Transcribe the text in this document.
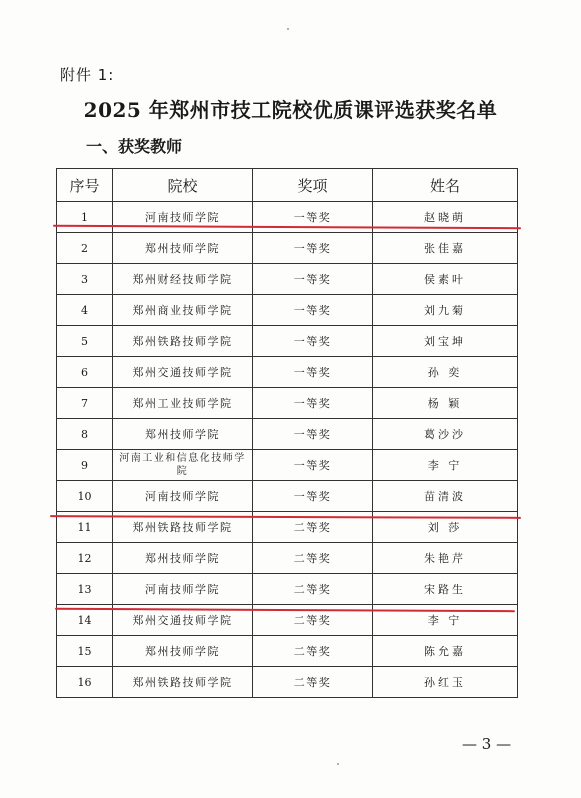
附件 1:
2025 年郑州市技工院校优质课评选获奖名单
一、获奖教师
序号	院校	奖项	姓名
1	河南技师学院	一等奖	赵晓萌
2	郑州技师学院	一等奖	张佳嘉
3	郑州财经技师学院	一等奖	侯素叶
4	郑州商业技师学院	一等奖	刘九菊
5	郑州铁路技师学院	一等奖	刘宝坤
6	郑州交通技师学院	一等奖	孙 奕
7	郑州工业技师学院	一等奖	杨 颖
8	郑州技师学院	一等奖	葛沙沙
9	河南工业和信息化技师学院	一等奖	李 宁
10	河南技师学院	一等奖	苗清波
11	郑州铁路技师学院	二等奖	刘 莎
12	郑州技师学院	二等奖	朱艳芹
13	河南技师学院	二等奖	宋路生
14	郑州交通技师学院	二等奖	李 宁
15	郑州技师学院	二等奖	陈允嘉
16	郑州铁路技师学院	二等奖	孙红玉
— 3 —
